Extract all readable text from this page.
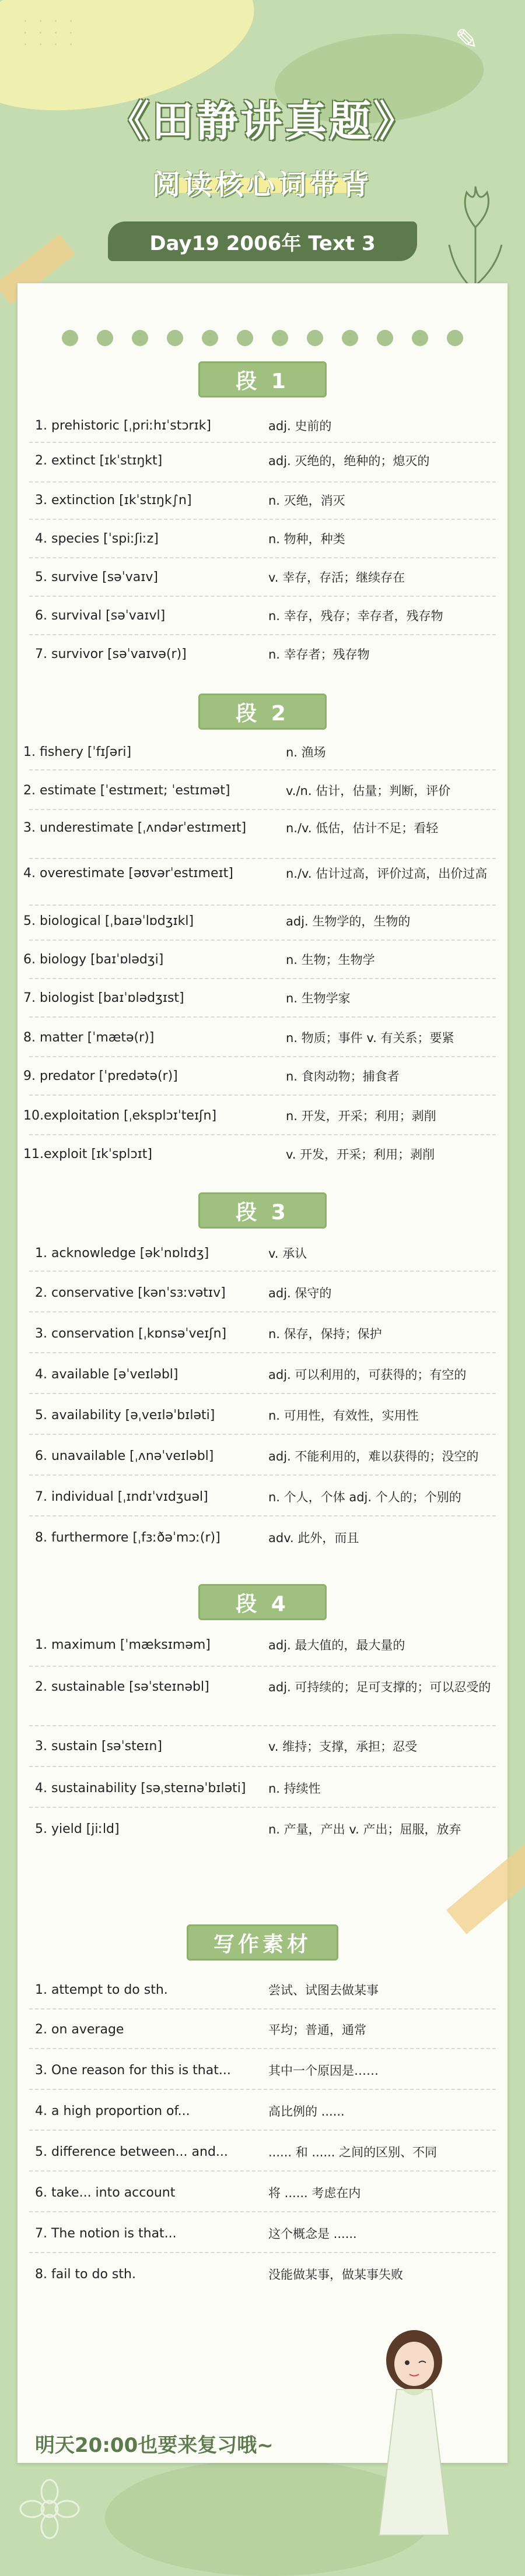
· · · ·
· · · ·
· · · ·	✎
《田静讲真题》
阅读核心词带背
Day19 2006年 Text 3
段 1
1. prehistoric [ˌpriːhɪˈstɔrɪk]	adj. 史前的
2. extinct [ɪkˈstɪŋkt]	adj. 灭绝的，绝种的；熄灭的
3. extinction [ɪkˈstɪŋk∫n]	n. 灭绝，消灭
4. species [ˈspiːʃiːz]	n. 物种，种类
5. survive [səˈvaɪv]	v. 幸存，存活；继续存在
6. survival [səˈvaɪvl]	n. 幸存，残存；幸存者，残存物
7. survivor [səˈvaɪvə(r)]	n. 幸存者；残存物
段 2
1. fishery [ˈfɪʃəri]	n. 渔场
2. estimate [ˈestɪmeɪt; ˈestɪmət]	v./n. 估计，估量；判断，评价
3. underestimate [ˌʌndərˈestɪmeɪt]	n./v. 低估，估计不足；看轻
4. overestimate [əʊvərˈestɪmeɪt]	n./v. 估计过高，评价过高，出价过高
5. biological [ˌbaɪəˈlɒdʒɪkl]	adj. 生物学的，生物的
6. biology [baɪˈɒlədʒi]	n. 生物；生物学
7. biologist [baɪˈɒlədʒɪst]	n. 生物学家
8. matter [ˈmætə(r)]	n. 物质；事件 v. 有关系；要紧
9. predator [ˈpredətə(r)]	n. 食肉动物；捕食者
10.exploitation [ˌeksplɔɪˈteɪʃn]	n. 开发，开采；利用；剥削
11.exploit [ɪkˈsplɔɪt]	v. 开发，开采；利用；剥削
段 3
1. acknowledge [əkˈnɒlɪdʒ]	v. 承认
2. conservative [kənˈsɜːvətɪv]	adj. 保守的
3. conservation [ˌkɒnsəˈveɪʃn]	n. 保存，保持；保护
4. available [əˈveɪləbl]	adj. 可以利用的，可获得的；有空的
5. availability [əˌveɪləˈbɪləti]	n. 可用性，有效性，实用性
6. unavailable [ˌʌnəˈveɪləbl]	adj. 不能利用的，难以获得的；没空的
7. individual [ˌɪndɪˈvɪdʒuəl]	n. 个人，个体 adj. 个人的；个别的
8. furthermore [ˌfɜːðəˈmɔː(r)]	adv. 此外，而且
段 4
1. maximum [ˈmæksɪməm]	adj. 最大值的，最大量的
2. sustainable [səˈsteɪnəbl]	adj. 可持续的；足可支撑的；可以忍受的
3. sustain [səˈsteɪn]	v. 维持；支撑，承担；忍受
4. sustainability [səˌsteɪnəˈbɪləti]	n. 持续性
5. yield [jiːld]	n. 产量，产出 v. 产出；屈服，放弃
写作素材
1. attempt to do sth.	尝试、试图去做某事
2. on average	平均；普通，通常
3. One reason for this is that...	其中一个原因是……
4. a high proportion of...	高比例的 ......
5. difference between... and...	...... 和 ...... 之间的区别、不同
6. take... into account	将 ...... 考虑在内
7. The notion is that...	这个概念是 ......
8. fail to do sth.	没能做某事，做某事失败
明天20:00也要来复习哦~
